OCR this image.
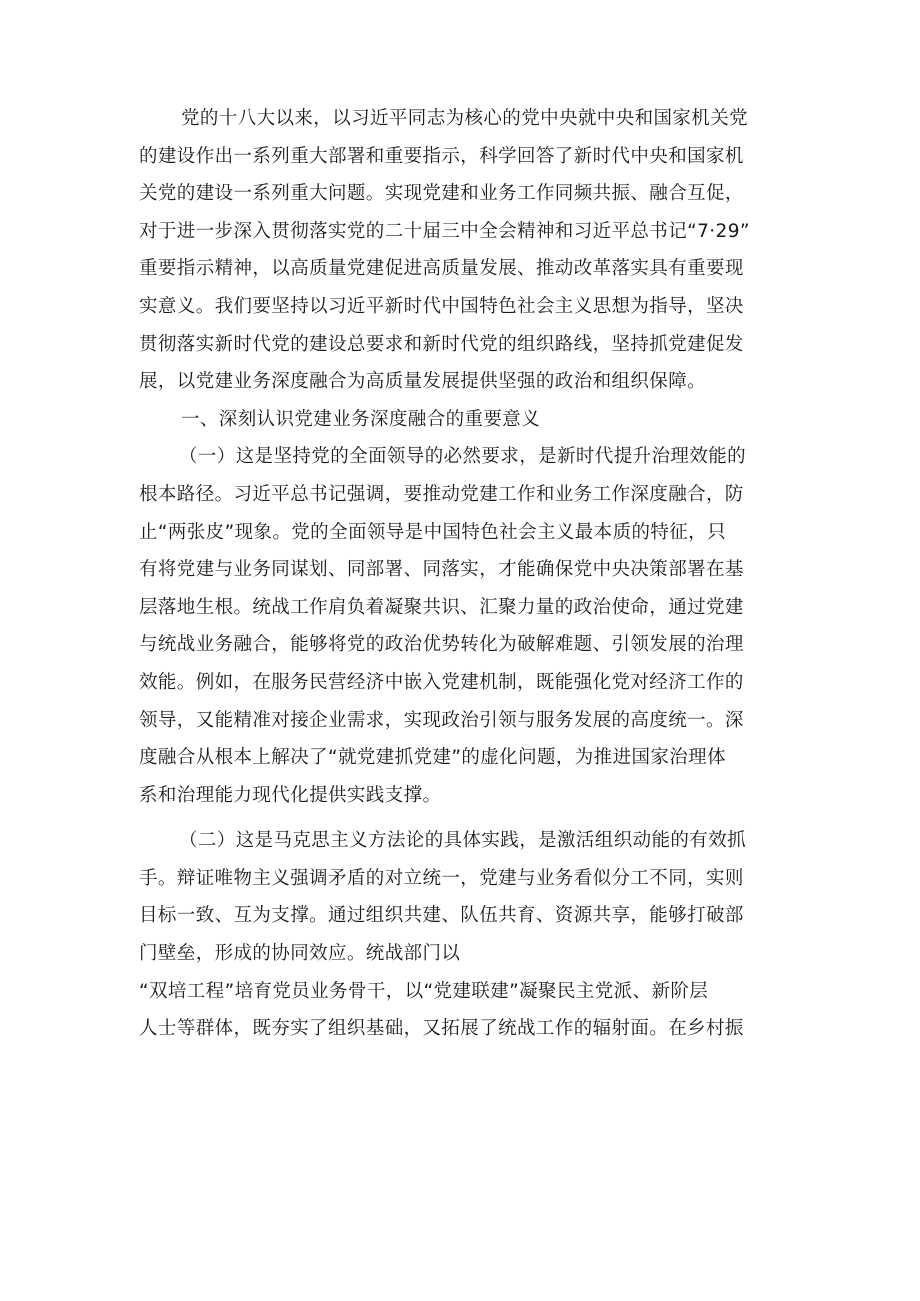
党的十八大以来，以习近平同志为核心的党中央就中央和国家机关党
的建设作出一系列重大部署和重要指示，科学回答了新时代中央和国家机
关党的建设一系列重大问题。实现党建和业务工作同频共振、融合互促，
对于进一步深入贯彻落实党的二十届三中全会精神和习近平总书记“7·29”
重要指示精神，以高质量党建促进高质量发展、推动改革落实具有重要现
实意义。我们要坚持以习近平新时代中国特色社会主义思想为指导，坚决
贯彻落实新时代党的建设总要求和新时代党的组织路线，坚持抓党建促发
展，以党建业务深度融合为高质量发展提供坚强的政治和组织保障。
一、深刻认识党建业务深度融合的重要意义
（一）这是坚持党的全面领导的必然要求，是新时代提升治理效能的
根本路径。习近平总书记强调，要推动党建工作和业务工作深度融合，防
止“两张皮”现象。党的全面领导是中国特色社会主义最本质的特征，只
有将党建与业务同谋划、同部署、同落实，才能确保党中央决策部署在基
层落地生根。统战工作肩负着凝聚共识、汇聚力量的政治使命，通过党建
与统战业务融合，能够将党的政治优势转化为破解难题、引领发展的治理
效能。例如，在服务民营经济中嵌入党建机制，既能强化党对经济工作的
领导，又能精准对接企业需求，实现政治引领与服务发展的高度统一。深
度融合从根本上解决了“就党建抓党建”的虚化问题，为推进国家治理体
系和治理能力现代化提供实践支撑。
（二）这是马克思主义方法论的具体实践，是激活组织动能的有效抓
手。辩证唯物主义强调矛盾的对立统一，党建与业务看似分工不同，实则
目标一致、互为支撑。通过组织共建、队伍共育、资源共享，能够打破部
门壁垒，形成的协同效应。统战部门以
“双培工程”培育党员业务骨干，以“党建联建”凝聚民主党派、新阶层
人士等群体，既夯实了组织基础，又拓展了统战工作的辐射面。在乡村振
